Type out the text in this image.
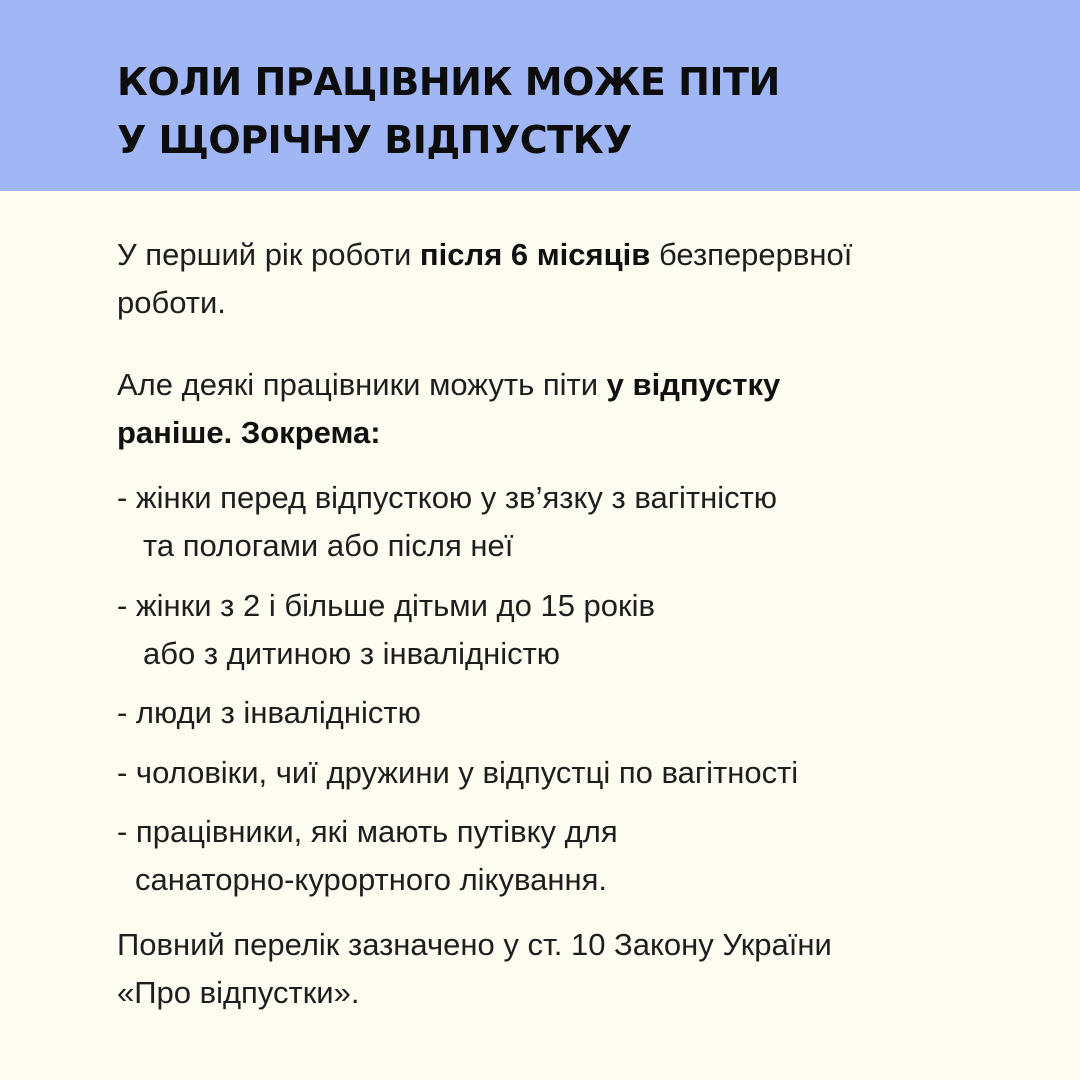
КОЛИ ПРАЦІВНИК МОЖЕ ПІТИ
У ЩОРІЧНУ ВІДПУСТКУ
У перший рік роботи після 6 місяців безперервної
роботи.
Але деякі працівники можуть піти у відпустку
раніше. Зокрема:
- жінки перед відпусткою у зв’язку з вагітністю
та пологами або після неї
- жінки з 2 і більше дітьми до 15 років
або з дитиною з інвалідністю
- люди з інвалідністю
- чоловіки, чиї дружини у відпустці по вагітності
- працівники, які мають путівку для
санаторно-курортного лікування.
Повний перелік зазначено у ст. 10 Закону України
«Про відпустки».
